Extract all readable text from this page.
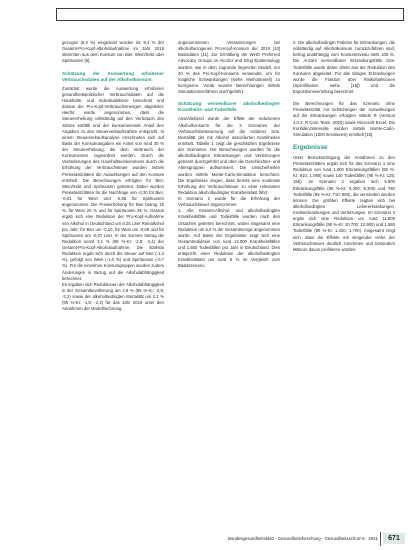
gezogen (6,0 %) eingesetzt worden ist. 9,3 % der Gesamt-Pro-Kopf-Alkoholaufnahme im Jahr 2019 stammten aus dem Konsum von Bier, Wein/Sekt oder Spirituosen [8].

Schätzung der Auswertung erhobener Verbrauchsdaten auf der Alkoholkonsum

Zunächst wurde die Auswertung erhobener gesundheitspolitischer Verbrauchsdaten auf die Haushalts- und Individualebene berechnet und daraus die Pro-Kopf-Verbrauchsmengen abgeleitet. Hierfür wurde angenommen, dass die Steuererhebung vollständig auf den Verbrauch des Jahres entfällt und der konsumierende Anteil den Angaben zu den Steuerverkaufszahlen entspricht. In einem Steuerverkaufsanalyse errechneten sich auf Basis der Konsumangaben ein Anteil von rund 30 % der Steuererhebung, die dem Verbrauch der Konsumenten zugeordnet werden. Durch die Veränderungen des Haushaltseinkommens durch die Erhöhung der Verbrauchsteuer wurden mittels Preiselastizitäten die Auswirkungen auf den Konsum ermittelt. Die Berechnungen erfolgten für Bier, Wein/Sekt und Spirituosen getrennt. Dabei wurden Preiselastizitäten für die Nachfrage von -0,30 für Bier, -0,61 für Wein und -0,65 für Spirituosen angenommen. Die Preiserhöhung für Bier betrug 15 %, für Wein 20 % und für Spirituosen 25 %. Daraus ergab sich eine Reduktion der Pro-Kopf-Aufnahme von Alkohol in Deutschland um 0,25 Liter Reinalkohol pro Jahr; für Bier um -0,10, für Wein um -0,08 und für Spirituosen um -0,07 Liter. In der Summe betrug die Reduktion somit 3,1 % (95 %-KI: -2,8; -3,4) der Gesamt-Pro-Kopf-Alkoholaufnahme. Die stärkste Reduktion ergab sich durch die Steuer auf Bier (-1,4 %), gefolgt von Wein (-1,0 %) und Spirituosen (-0,7 %). Für die einzelnen Konsumgruppen wurden zudem Änderungen in Bezug auf die Alkoholabhängigkeit berechnet.

Es ergaben sich Reduktionen der Alkoholabhängigkeit in der Gesamtbevölkerung um 2,9 % (95 %-KI: -2,6; -3,2) sowie der alkoholbedingten Mortalität um 2,1 % (95 %-KI: -1,9; -2,3) für das Jahr 2019 unter den Annahmen der Modellrechnung.

angenommenen Veränderungen bei alkoholbezogenen Pro-Kopf-Konsum der 2019 [10] Basisdaten [11]. Zur Ermittlung der WHO Preferred Advocacy Groups on Alcohol and Drug Epidemiology wurden, wie in dem zugrunde liegenden Modell, nur 20 % des Pro-Kopf-Konsums verwendet, um für mögliche Schwankungen (siehe Methodenteil) zu korrigieren. Vorab wurden Berechnungen mittels Simulationsverfahren durchgeführt.

Schätzung vermeidbarer alkoholbedingter Krankheits- und Todesfälle

Anschließend wurde der Effekt der reduzierten Alkoholkonsums für die 3 Szenarien der Verbrauchsbesteuerung auf die Inzidenz bzw. Mortalität der mit Alkohol assoziierten Krankheiten ermittelt. Tabelle 1 zeigt die geschätzten Ergebnisse der Szenarien. Die Berechnungen wurden für die alkoholbedingten Erkrankungen und Verletzungen getrennt durchgeführt und über die Geschlechter- und Altersgruppen aufsummiert. Die Unsicherheiten wurden mittels Monte-Carlo-Simulation berechnet. Die Ergebnisse zeigen, dass bereits eine moderate Erhöhung der Verbrauchsteuer zu einer relevanten Reduktion alkoholbedingter Krankheitslast führt.

In Szenario 2 wurde für die Erhöhung der Verbrauchsteuer angenommen:

1. Alle Gesamt-Alkohol- und alkoholbedingten Krankheitsfälle und Todesfälle wurden nach den Ursachen getrennt berechnet, wobei insgesamt eine Reduktion um 6,0 % der Gesamtmenge angenommen wurde. Auf Basis der Ergebnisse zeigt sich eine Gesamtreduktion von rund 12.000 Krankheitsfällen und 1.500 Todesfällen pro Jahr in Deutschland. Dies entspricht einer Reduktion der alkoholbedingten Krankheitslast um rund 6 % im Vergleich zum Basisszenario.

2. Die alkoholbedingte Fraktion für Erkrankungen, die vollständig auf Alkoholkonsum zurückzuführen sind, betrug unabhängig vom Konsumniveau stets 100 %. Die Anzahl vermeidbarer Erkrankungsfälle bzw. Todesfälle wurde daher direkt aus der Reduktion des Konsums abgeleitet. Für alle übrigen Erkrankungen wurde die Fraktion über Risikofunktionen (Spezifikation siehe [15]) und die Expositionsverteilung berechnet.

Die Berechnungen für das Szenario ohne Preiselastizität mit Schätzungen der Auswirkungen auf die Erkrankungen erfolgten mittels R (Version 4.0.2; R Core Team, 2020) sowie Microsoft Excel. Die Konfidenzintervalle wurden mittels Monte-Carlo-Simulation (1000 Iterationen) ermittelt [16].

Ergebnisse

Unter Berücksichtigung der Annahmen zu den Preiselastizitäten ergab sich für das Szenario 1 eine Reduktion von rund 1.000 Erkrankungsfällen (95 %-KI: 910; 1.090) sowie 140 Todesfällen (95 %-KI: 125; 155). Im Szenario 2 ergaben sich 5.800 Erkrankungsfälle (95 %-KI: 5.300; 6.300) und 780 Todesfälle (95 %-KI: 710; 850), die vermieden werden können. Die größten Effekte zeigten sich bei alkoholbedingten Lebererkrankungen, Krebserkrankungen und Verletzungen. Im Szenario 3 ergab sich eine Reduktion um rund 11.800 Erkrankungsfälle (95 %-KI: 10.700; 12.900) und 1.560 Todesfälle (95 %-KI: 1.420; 1.700). Insgesamt zeigt sich, dass die Effekte mit steigender Höhe der Verbrauchsteuer deutlich zunehmen und besonders Männer davon profitieren würden.

Bundesgesundheitsblatt - Gesundheitsforschung - Gesundheitsschutz 6 · 2021	671
